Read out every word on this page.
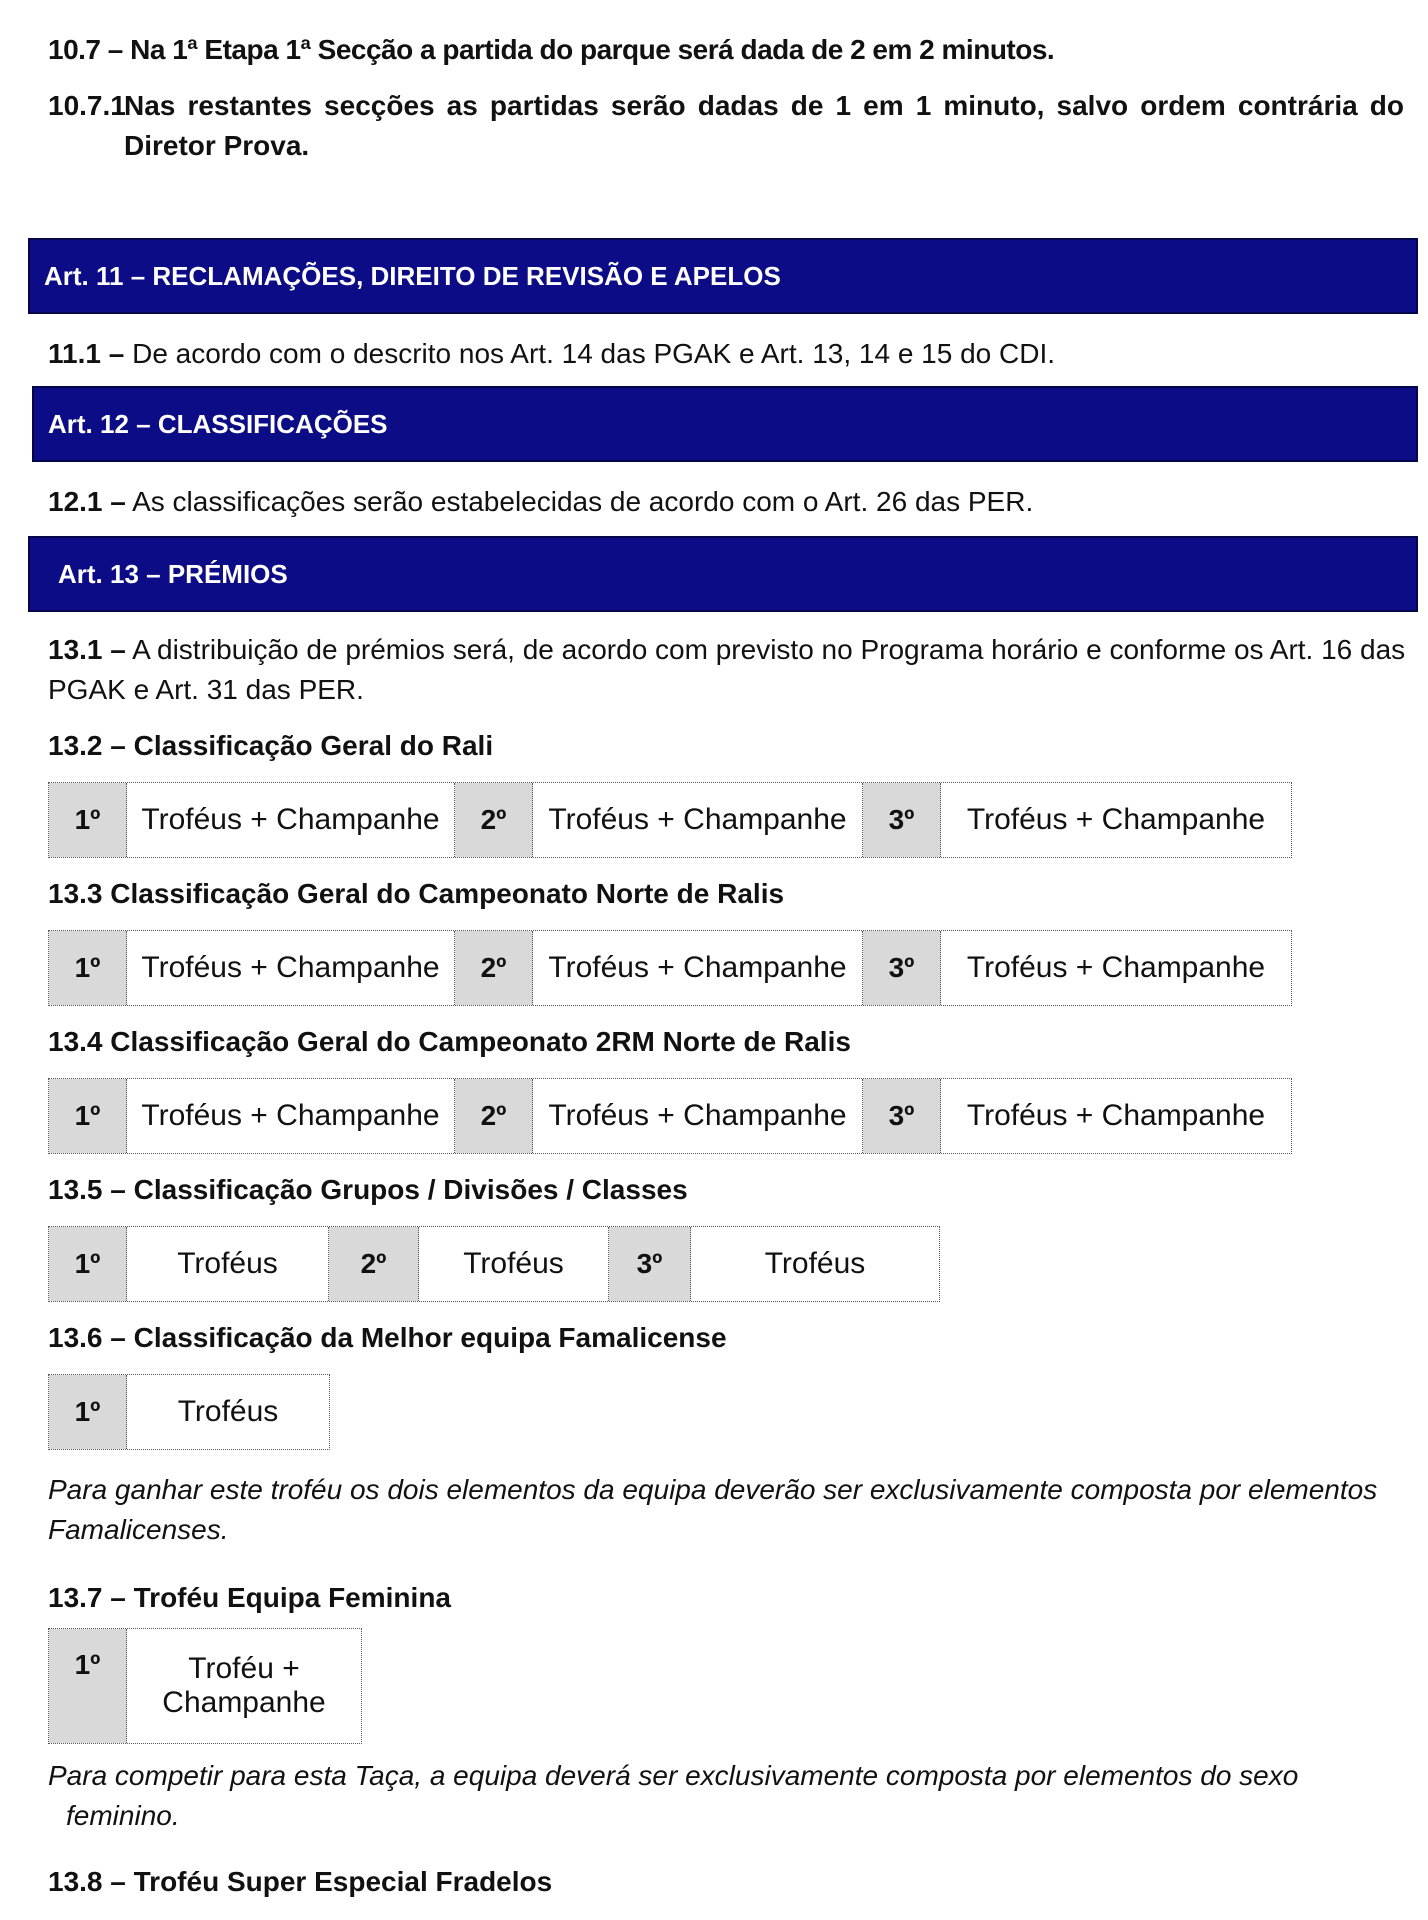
10.7 – Na 1ª Etapa 1ª Secção a partida do parque será dada de 2 em 2 minutos.
10.7.1
Nas restantes secções as partidas serão dadas de 1 em 1 minuto, salvo ordem contrária do Diretor Prova.
Art. 11 – RECLAMAÇÕES, DIREITO DE REVISÃO E APELOS
11.1 – De acordo com o descrito nos Art. 14 das PGAK e Art. 13, 14 e 15 do CDI.
Art. 12 – CLASSIFICAÇÕES
12.1 – As classificações serão estabelecidas de acordo com o Art. 26 das PER.
Art. 13 – PRÉMIOS
13.1 – A distribuição de prémios será, de acordo com previsto no Programa horário e conforme os Art. 16 das PGAK e Art. 31 das PER.
13.2 – Classificação Geral do Rali
1º	Troféus + Champanhe	2º	Troféus + Champanhe	3º	Troféus + Champanhe
13.3 Classificação Geral do Campeonato Norte de Ralis
1º	Troféus + Champanhe	2º	Troféus + Champanhe	3º	Troféus + Champanhe
13.4 Classificação Geral do Campeonato 2RM Norte de Ralis
1º	Troféus + Champanhe	2º	Troféus + Champanhe	3º	Troféus + Champanhe
13.5 – Classificação Grupos / Divisões / Classes
1º	Troféus	2º	Troféus	3º	Troféus
13.6 – Classificação da Melhor equipa Famalicense
1º	Troféus
Para ganhar este troféu os dois elementos da equipa deverão ser exclusivamente composta por elementos Famalicenses.
13.7 – Troféu Equipa Feminina
1º	Troféu + Champanhe
Para competir para esta Taça, a equipa deverá ser exclusivamente composta por elementos do sexo feminino.
13.8 – Troféu Super Especial Fradelos
